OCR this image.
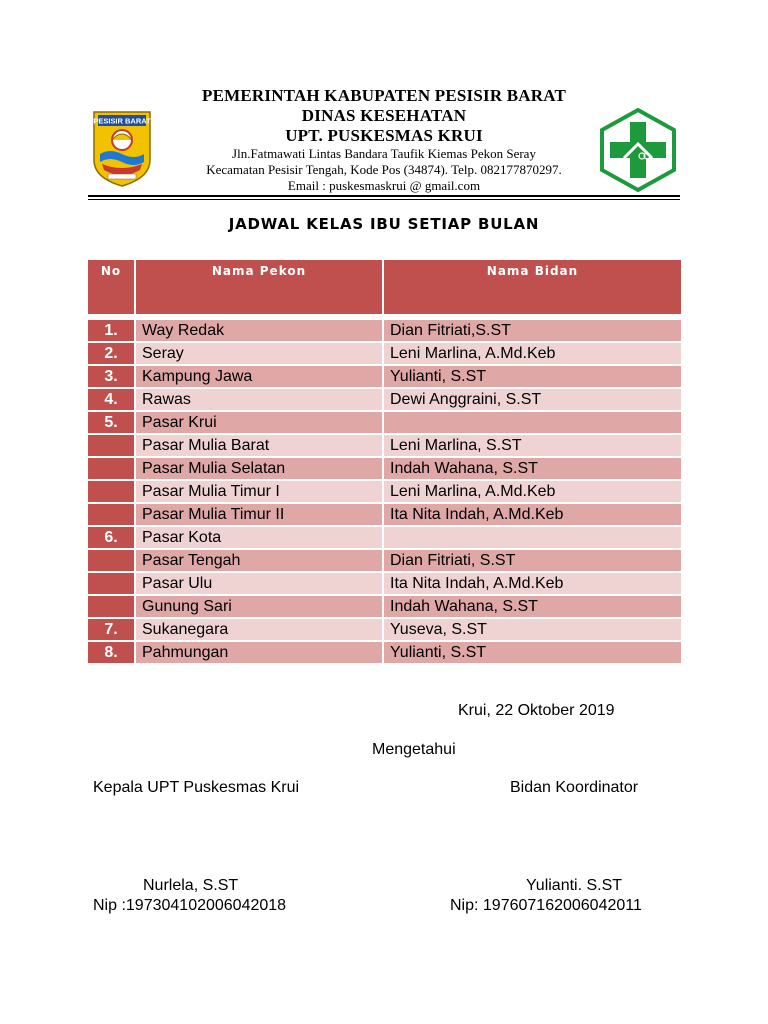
PESISIR BARAT
PEMERINTAH KABUPATEN PESISIR BARAT
DINAS KESEHATAN
UPT. PUSKESMAS KRUI
Jln.Fatmawati Lintas Bandara Taufik Kiemas Pekon Seray
Kecamatan Pesisir Tengah, Kode Pos (34874). Telp. 082177870297.
Email : puskesmaskrui @ gmail.com
JADWAL KELAS IBU SETIAP BULAN
No	Nama Pekon	Nama Bidan

1.	Way Redak	Dian Fitriati,S.ST
2.	Seray	Leni Marlina, A.Md.Keb
3.	Kampung Jawa	Yulianti, S.ST
4.	Rawas	Dewi Anggraini, S.ST
5.	Pasar Krui	
	Pasar Mulia Barat	Leni Marlina, S.ST
	Pasar Mulia Selatan	Indah Wahana, S.ST
	Pasar Mulia Timur I	Leni Marlina, A.Md.Keb
	Pasar Mulia Timur II	Ita Nita Indah, A.Md.Keb
6.	Pasar Kota	
	Pasar Tengah	Dian Fitriati, S.ST
	Pasar Ulu	Ita Nita Indah, A.Md.Keb
	Gunung Sari	Indah Wahana, S.ST
7.	Sukanegara	Yuseva, S.ST
8.	Pahmungan	Yulianti, S.ST
Krui, 22 Oktober 2019
Mengetahui
Kepala UPT Puskesmas Krui	Bidan Koordinator
Nurlela, S.ST
Nip :197304102006042018
Yulianti. S.ST
Nip: 197607162006042011
